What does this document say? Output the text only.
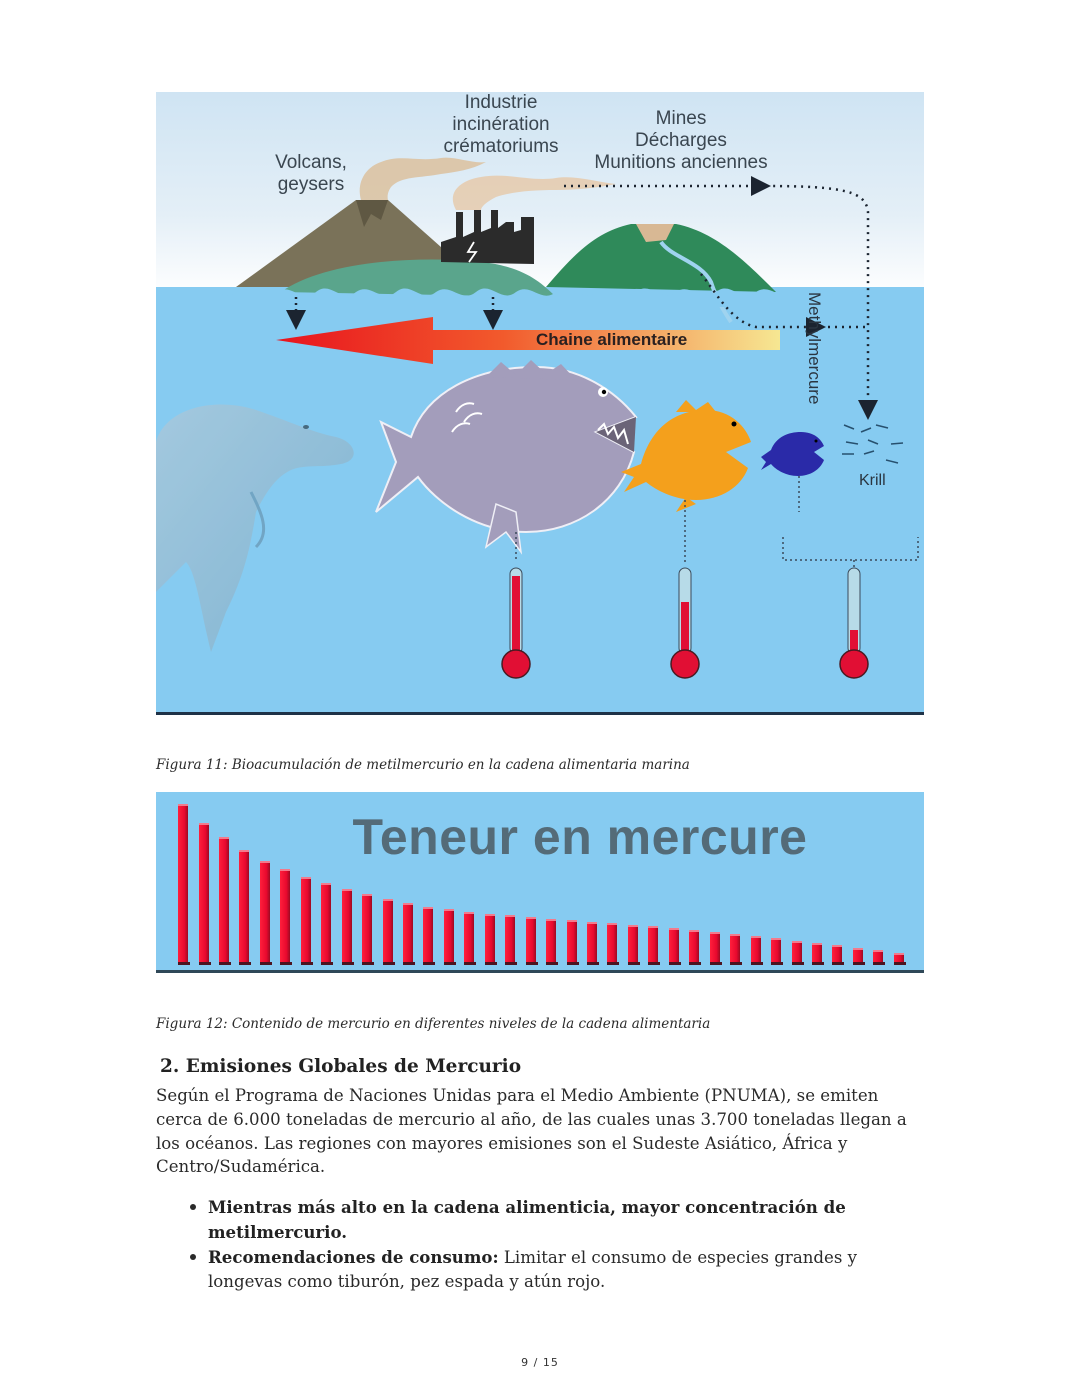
Volcans,
geysers
Industrie
incinération
crématoriums
Mines
Décharges
Munitions anciennes
Methylmercure
Chaine alimentaire
Krill
Figura 11: Bioacumulación de metilmercurio en la cadena alimentaria marina
Teneur en mercure
Figura 12: Contenido de mercurio en diferentes niveles de la cadena alimentaria
2. Emisiones Globales de Mercurio
Según el Programa de Naciones Unidas para el Medio Ambiente (PNUMA), se emiten cerca de 6.000 toneladas de mercurio al año, de las cuales unas 3.700 toneladas llegan a los océanos. Las regiones con mayores emisiones son el Sudeste Asiático, África y Centro/Sudamérica.
Mientras más alto en la cadena alimenticia, mayor concentración de metilmercurio.
Recomendaciones de consumo: Limitar el consumo de especies grandes y longevas como tiburón, pez espada y atún rojo.
9 / 15
